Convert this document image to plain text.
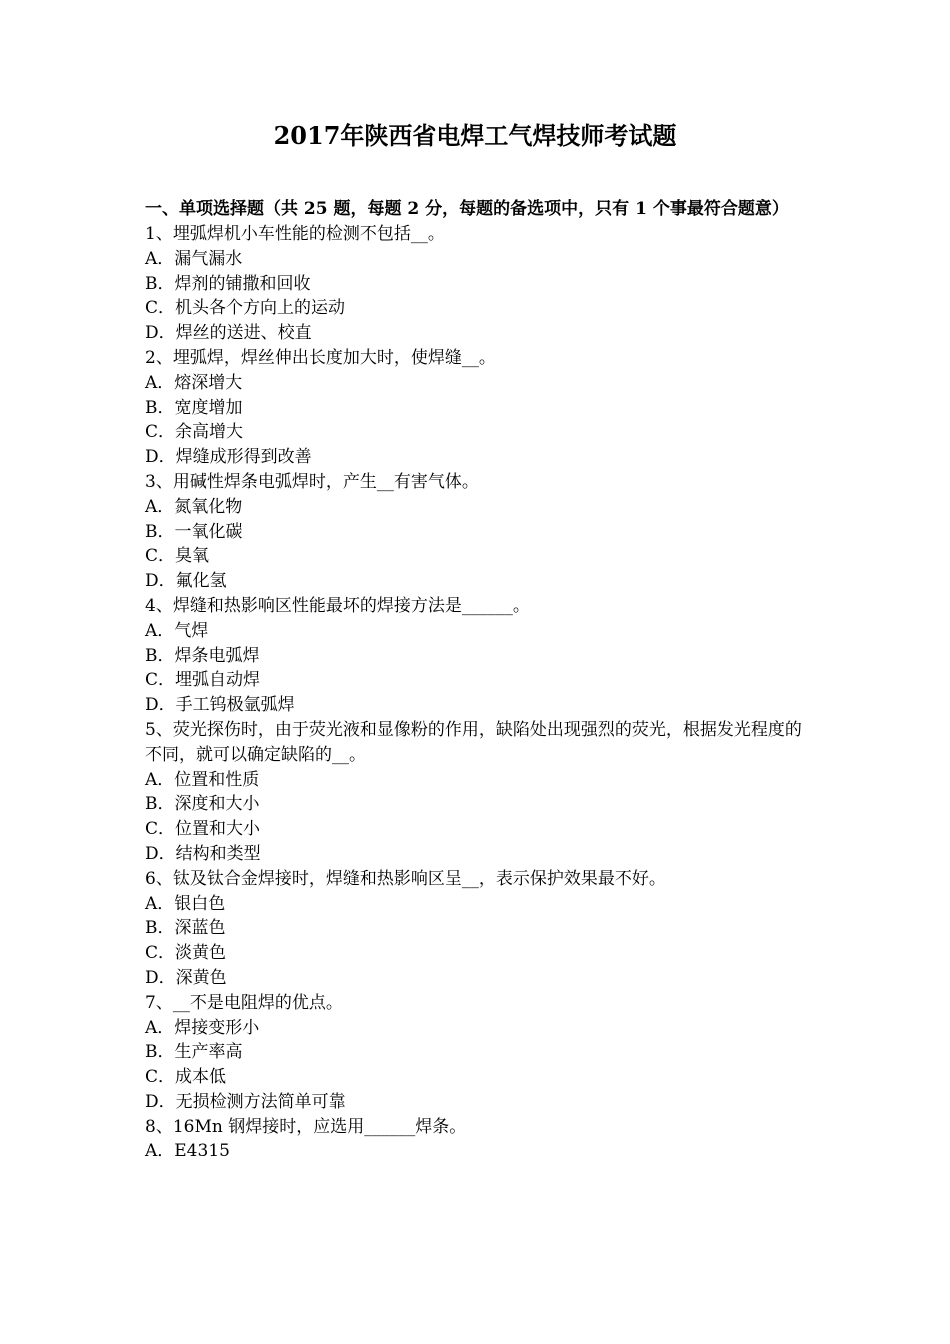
2017年陕西省电焊工气焊技师考试题

一、单项选择题（共 25 题，每题 2 分，每题的备选项中，只有 1 个事最符合题意）

1、埋弧焊机小车性能的检测不包括__。

A．漏气漏水

B．焊剂的铺撒和回收

C．机头各个方向上的运动

D．焊丝的送进、校直

2、埋弧焊，焊丝伸出长度加大时，使焊缝__。

A．熔深增大

B．宽度增加

C．余高增大

D．焊缝成形得到改善

3、用碱性焊条电弧焊时，产生__有害气体。

A．氮氧化物

B．一氧化碳

C．臭氧

D．氟化氢

4、焊缝和热影响区性能最坏的焊接方法是______。

A．气焊

B．焊条电弧焊

C．埋弧自动焊

D．手工钨极氩弧焊

5、荧光探伤时，由于荧光液和显像粉的作用，缺陷处出现强烈的荧光，根据发光程度的不同，就可以确定缺陷的__。

A．位置和性质

B．深度和大小

C．位置和大小

D．结构和类型

6、钛及钛合金焊接时，焊缝和热影响区呈__，表示保护效果最不好。

A．银白色

B．深蓝色

C．淡黄色

D．深黄色

7、__不是电阻焊的优点。

A．焊接变形小

B．生产率高

C．成本低

D．无损检测方法简单可靠

8、16Mn 钢焊接时，应选用______焊条。

A．E4315
